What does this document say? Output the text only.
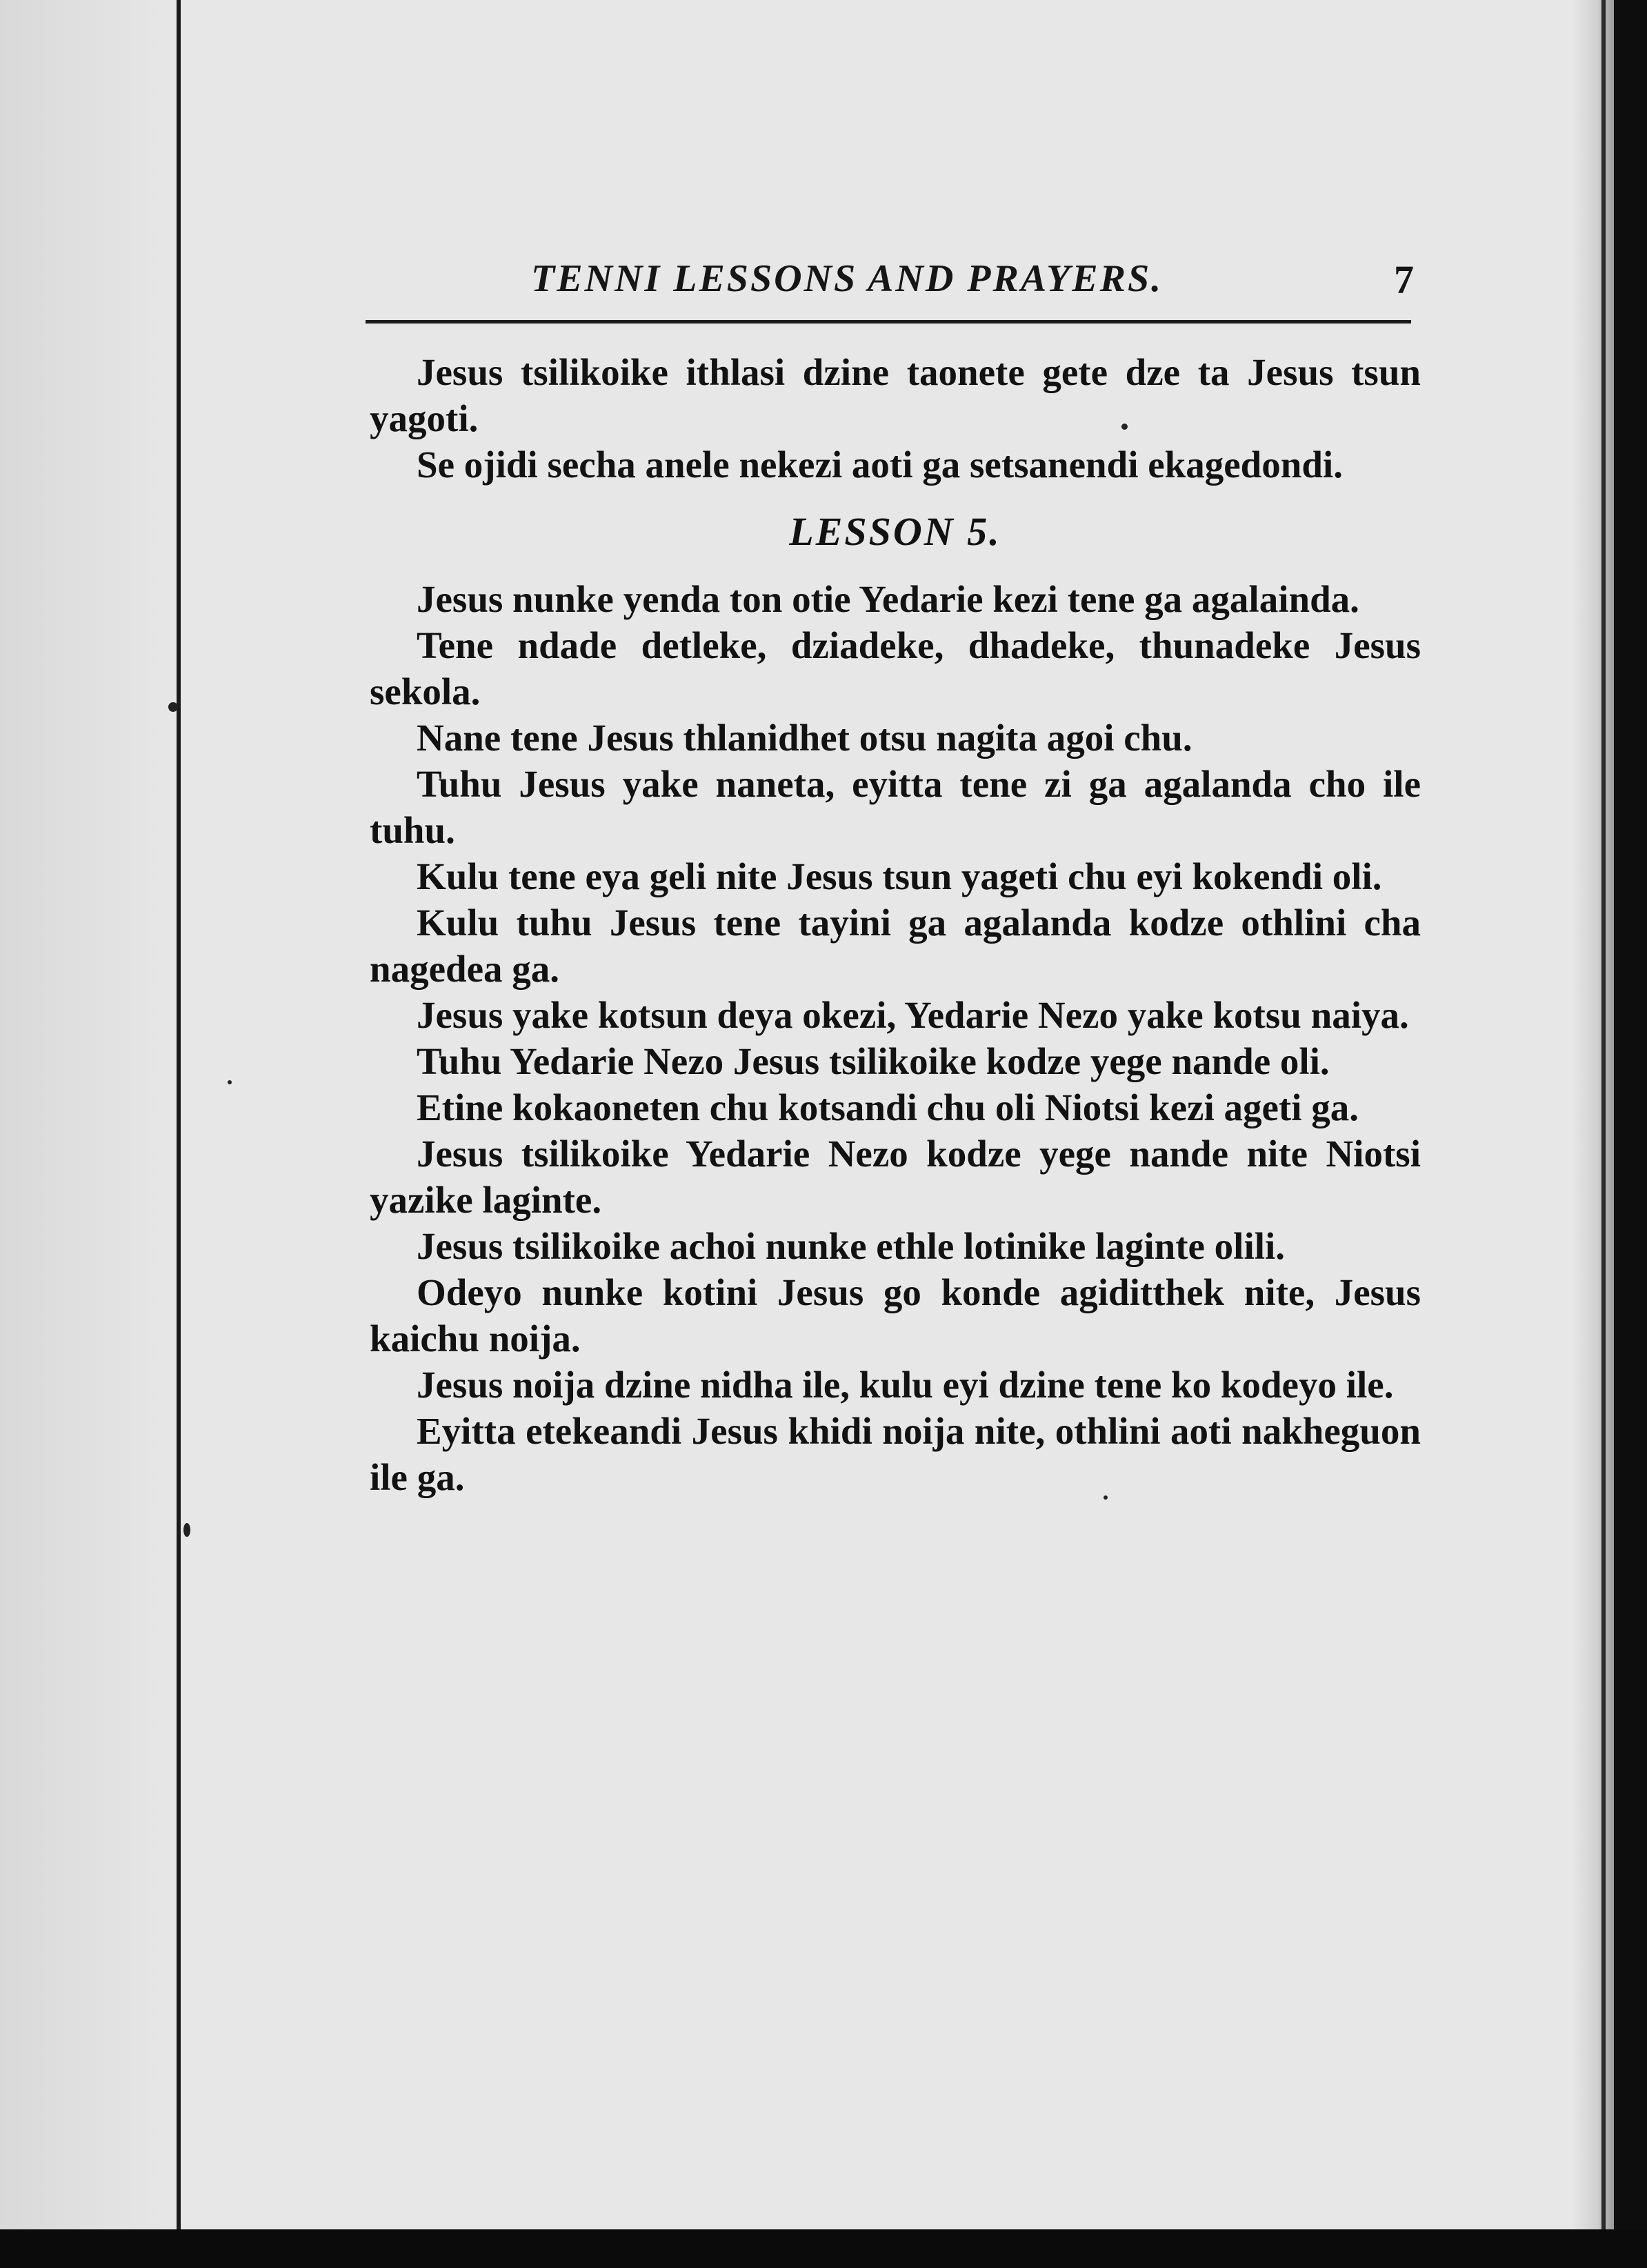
TENNI LESSONS AND PRAYERS.	7

Jesus tsilikoike ithlasi dzine taonete gete dze ta Jesus tsun yagoti.

Se ojidi secha anele nekezi aoti ga setsanendi ekagedondi.

LESSON 5.

Jesus nunke yenda ton otie Yedarie kezi tene ga agalainda.

Tene ndade detleke, dziadeke, dhadeke, thunadeke Jesus sekola.

Nane tene Jesus thlanidhet otsu nagita agoi chu.

Tuhu Jesus yake naneta, eyitta tene zi ga agalanda cho ile tuhu.

Kulu tene eya geli nite Jesus tsun yageti chu eyi kokendi oli.

Kulu tuhu Jesus tene tayini ga agalanda kodze othlini cha nagedea ga.

Jesus yake kotsun deya okezi, Yedarie Nezo yake kotsu naiya.

Tuhu Yedarie Nezo Jesus tsilikoike kodze yege nande oli.

Etine kokaoneten chu kotsandi chu oli Niotsi kezi ageti ga.

Jesus tsilikoike Yedarie Nezo kodze yege nande nite Niotsi yazike laginte.

Jesus tsilikoike achoi nunke ethle lotinike laginte olili.

Odeyo nunke kotini Jesus go konde agiditthek nite, Jesus kaichu noija.

Jesus noija dzine nidha ile, kulu eyi dzine tene ko kodeyo ile.

Eyitta etekeandi Jesus khidi noija nite, othlini aoti nakheguon ile ga.
